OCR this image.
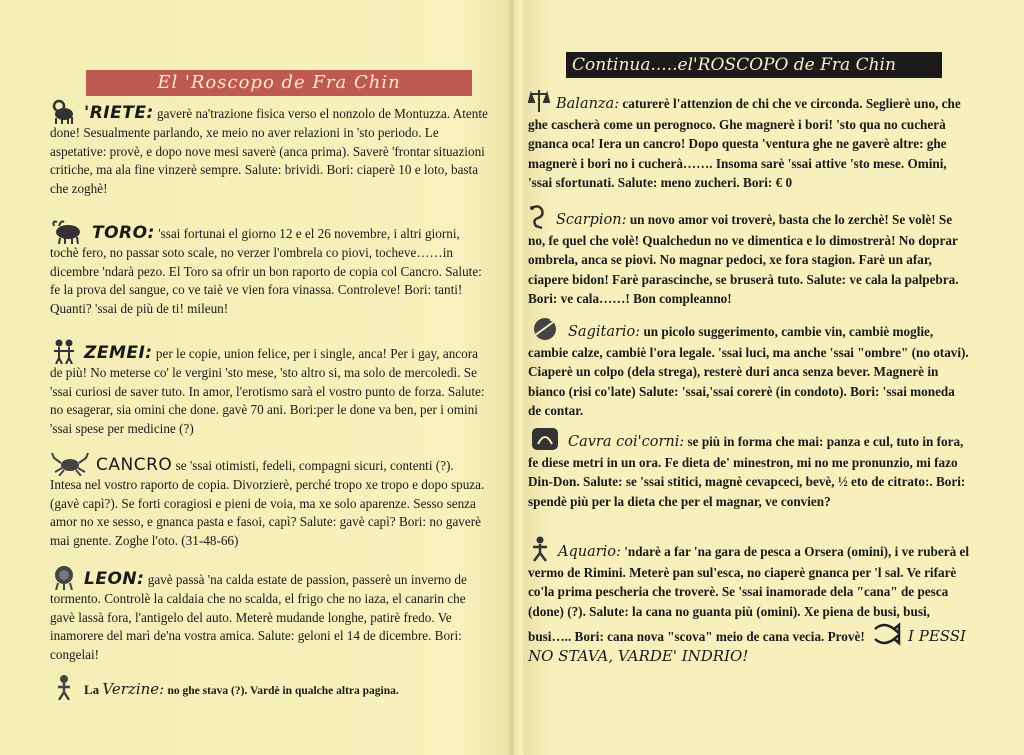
El 'Roscopo de Fra Chin
'RIETE: gaverè na'trazione fisica verso el nonzolo de Montuzza. Atente done! Sesualmente parlando, xe meio no aver relazioni in 'sto periodo. Le aspetative: provè, e dopo nove mesi saverè (anca prima). Saverè 'frontar situazioni critiche, ma ala fine vinzerè sempre. Salute: brividi. Bori: ciaperè 10 e loto, basta che zoghè!
TORO: 'ssai fortunai el giorno 12 e el 26 novembre, i altri giorni, tochè fero, no passar soto scale, no verzer l'ombrela co piovi, tocheve……in dicembre 'ndarà pezo. El Toro sa ofrir un bon raporto de copia col Cancro. Salute: fe la prova del sangue, co ve taiè ve vien fora vinassa. Controleve! Bori: tanti! Quanti? 'ssai de più de ti! mileun!
ZEMEI: per le copie, union felice, per i single, anca! Per i gay, ancora de più! No meterse co' le vergini 'sto mese, 'sto altro si, ma solo de mercoledì. Se 'ssai curiosi de saver tuto. In amor, l'erotismo sarà el vostro punto de forza. Salute: no esagerar, sia omini che done. gavè 70 ani. Bori:per le done va ben, per i omini 'ssai spese per medicine (?)
CANCRO se 'ssai otimisti, fedeli, compagni sicuri, contenti (?). Intesa nel vostro raporto de copia. Divorzierè, perché tropo xe tropo e dopo spuza. (gavè capì?). Se forti coragiosi e pieni de voia, ma xe solo aparenze. Sesso senza amor no xe sesso, e gnanca pasta e fasoi, capì? Salute: gavè capì? Bori: no gaverè mai gnente. Zoghe l'oto. (31-48-66)
LEON: gavè passà 'na calda estate de passion, passerè un inverno de tormento. Controlè la caldaia che no scalda, el frigo che no iaza, el canarin che gavè lassà fora, l'antigelo del auto. Meterè mudande longhe, patirè fredo. Ve inamorere del marì de'na vostra amica. Salute: geloni el 14 de dicembre. Bori: congelai!
La Verzine: no ghe stava (?). Vardè in qualche altra pagina.
Continua.....el'ROSCOPO de Fra Chin
Balanza: caturerè l'attenzion de chi che ve circonda. Seglierè uno, che ghe cascherà come un perognoco. Ghe magnerè i bori! 'sto qua no cucherà gnanca oca! Iera un cancro! Dopo questa 'ventura ghe ne gaverè altre: ghe magnerè i bori no i cucherà……. Insoma sarè 'ssai attive 'sto mese. Omini, 'ssai sfortunati. Salute: meno zucheri. Bori: € 0
Scarpion: un novo amor voi troverè, basta che lo zerchè! Se volè! Se no, fe quel che volè! Qualchedun no ve dimentica e lo dimostrerà! No doprar ombrela, anca se piovi. No magnar pedoci, xe fora stagion. Farè un afar, ciapere bidon! Farè parascinche, se bruserà tuto. Salute: ve cala la palpebra. Bori: ve cala……! Bon compleanno!
Sagitario: un picolo suggerimento, cambie vin, cambiè moglie, cambie calze, cambiè l'ora legale. 'ssai luci, ma anche 'ssai "ombre" (no otavi). Ciaperè un colpo (dela strega), resterè duri anca senza bever. Magnerè in bianco (risi co'late) Salute: 'ssai,'ssai corerè (in condoto). Bori: 'ssai moneda de contar.
Cavra coi'corni: se più in forma che mai: panza e cul, tuto in fora, fe diese metri in un ora. Fe dieta de' minestron, mi no me pronunzio, mi fazo Din-Don. Salute: se 'ssai stitici, magnè cevapceci, bevè, ½ eto de citrato:. Bori: spendè più per la dieta che per el magnar, ve convien?
Aquario: 'ndarè a far 'na gara de pesca a Orsera (omini), i ve ruberà el vermo de Rimini. Meterè pan sul'esca, no ciaperè gnanca per 'l sal. Ve rifarè co'la prima pescheria che troverè. Se 'ssai inamorade dela "cana" de pesca (done) (?). Salute: la cana no guanta più (omini). Xe piena de busi, busi, busi….. Bori: cana nova "scova" meio de cana vecia. Provè!	I PESSI NO STAVA, VARDE' INDRIO!
